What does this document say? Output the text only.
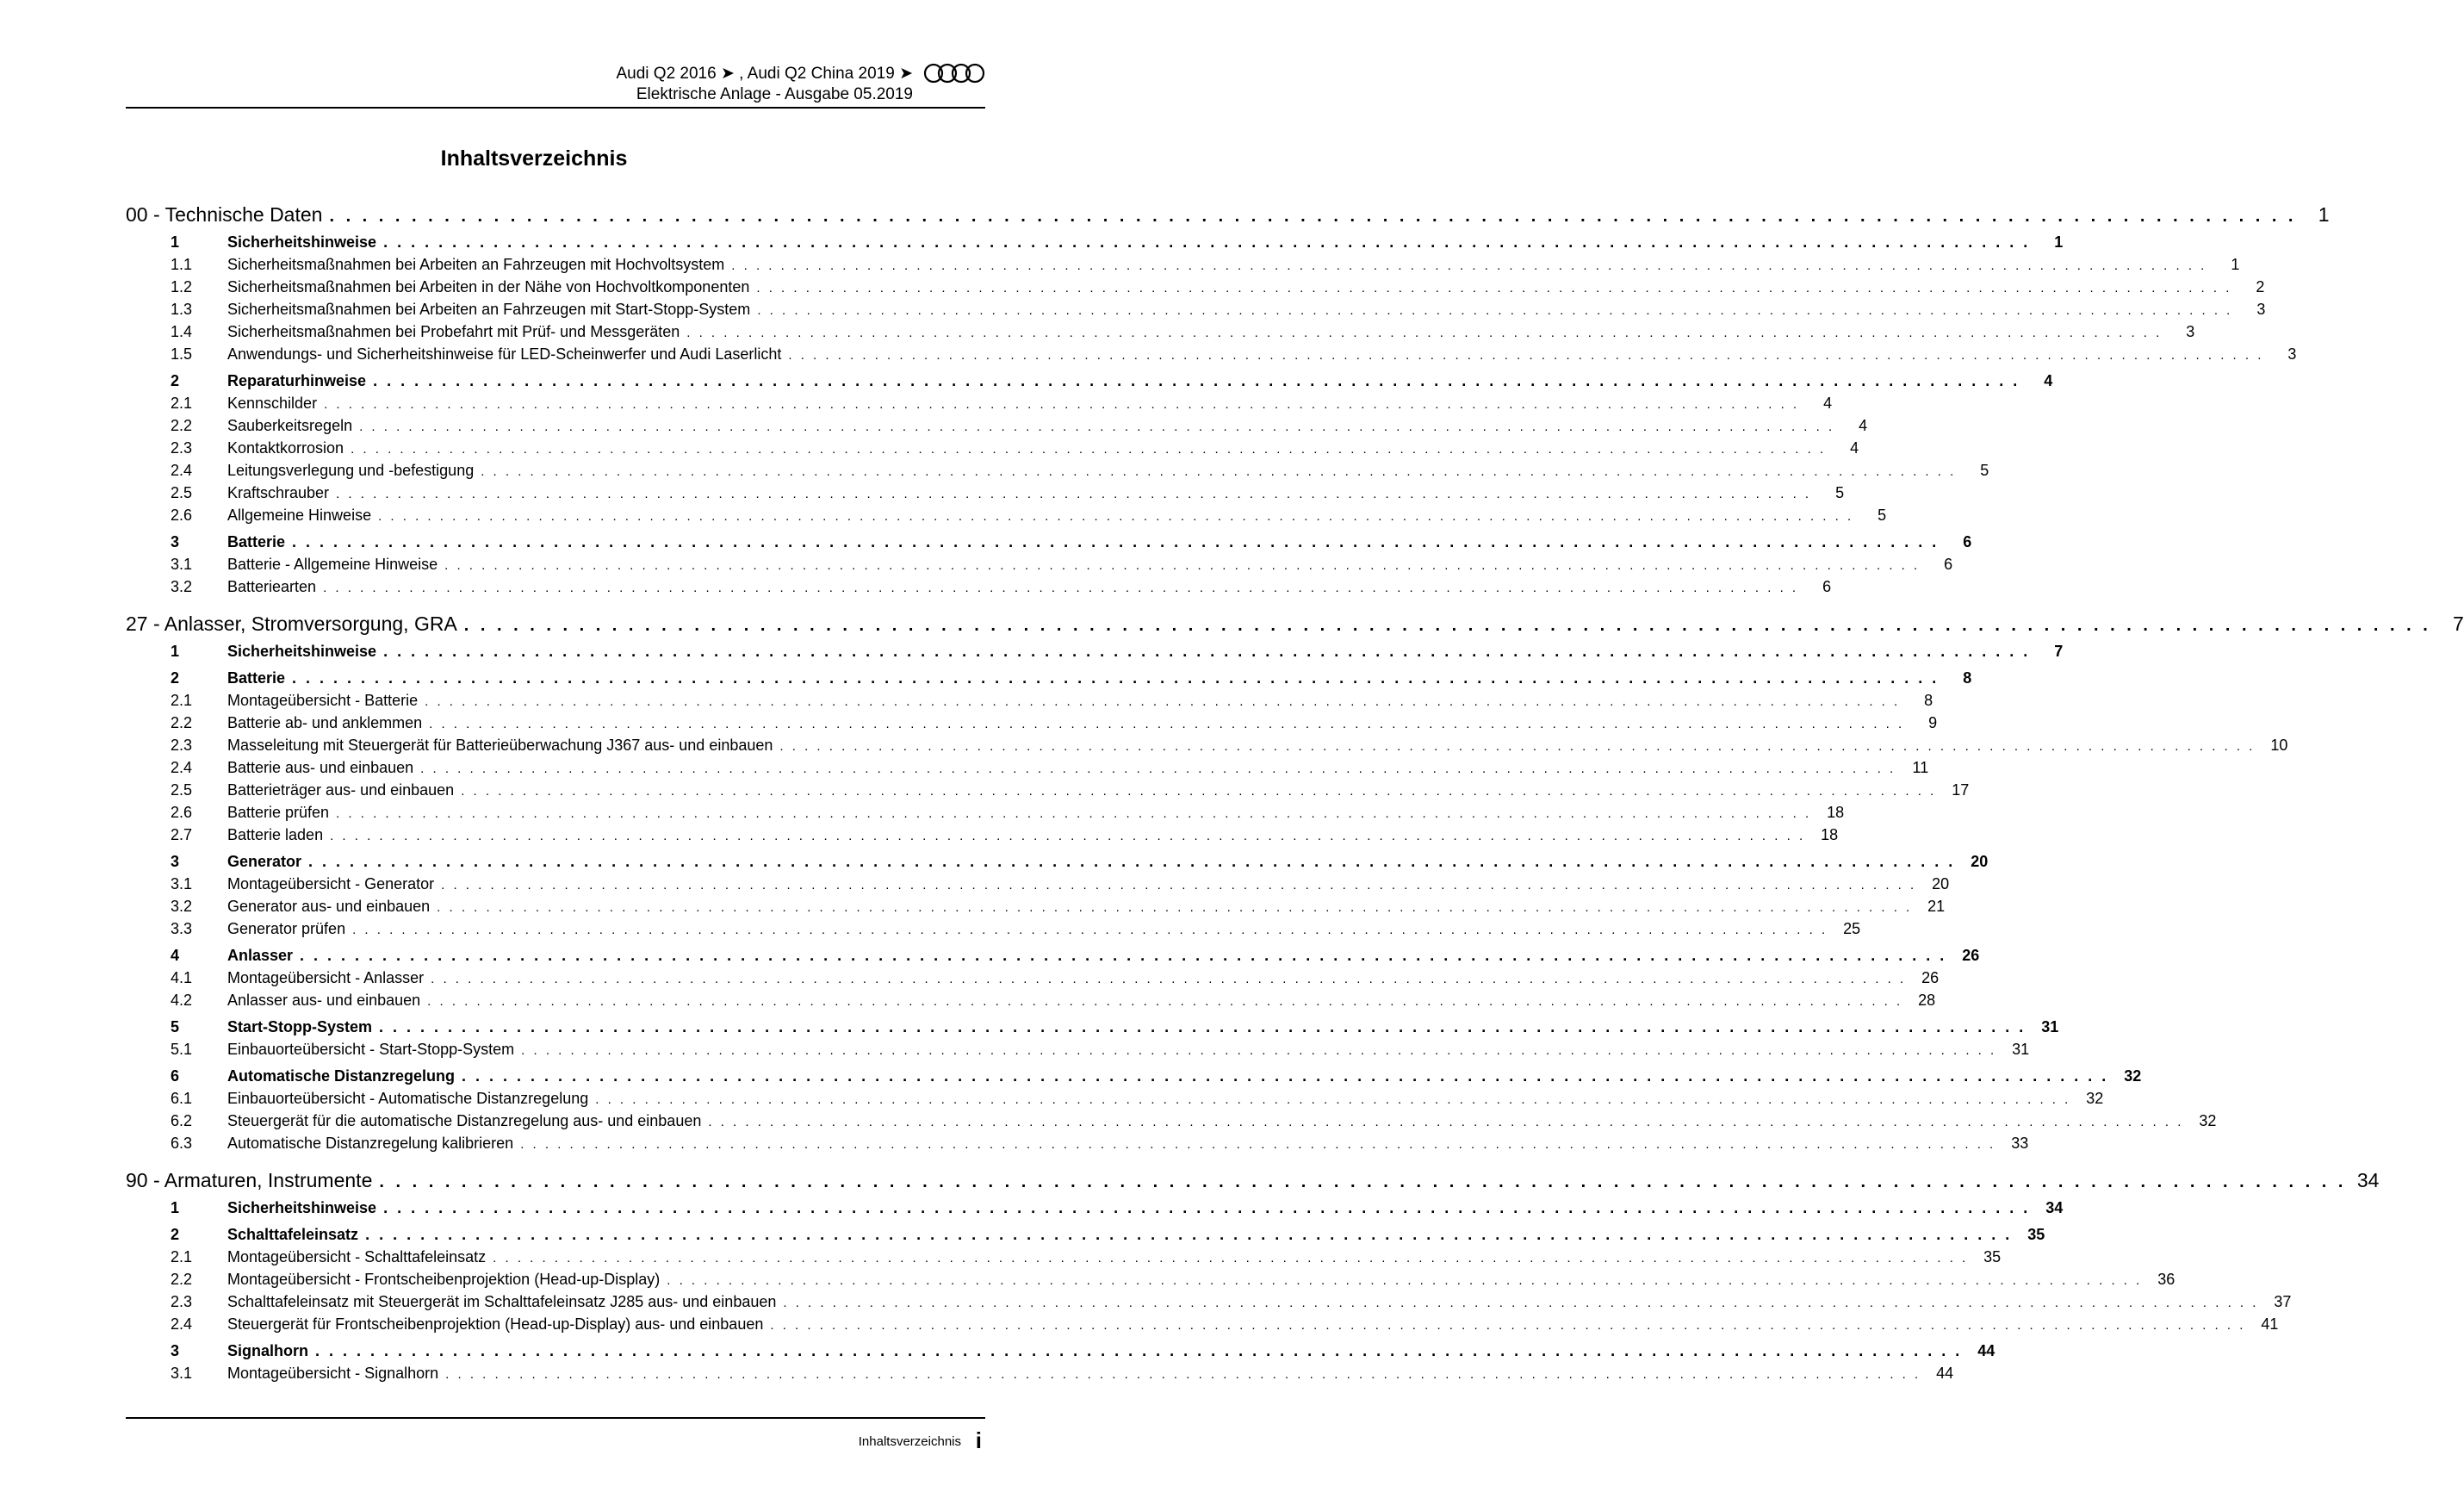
Audi Q2 2016 ➤ , Audi Q2 China 2019 ➤
Elektrische Anlage - Ausgabe 05.2019
Inhaltsverzeichnis
00 - Technische Daten . . . . . . . . . . . . . . . . . . . . . . . . . . . . . . . . . . . . . . . . . . . . . . . . . . . . . . . . . . . . . . . . . . . . . . . . . . . . . . . . . . . . . . . . . . . . . . . . . . . . . . . . . . . . . . . . . . . . . . . .	1
1	Sicherheitshinweise . . . . . . . . . . . . . . . . . . . . . . . . . . . . . . . . . . . . . . . . . . . . . . . . . . . . . . . . . . . . . . . . . . . . . . . . . . . . . . . . . . . . . . . . . . . . . . . . . . . . . . . . . . . . . . . . . . . . . . . .	1
1.1	Sicherheitsmaßnahmen bei Arbeiten an Fahrzeugen mit Hochvoltsystem . . . . . . . . . . . . . . . . . . . . . . . . . . . . . . . . . . . . . . . . . . . . . . . . . . . . . . . . . . . . . . . . . . . . . . . . . . . . . . . . . . . . . . . . . . . . . . . . . . . . . . . . . . . . . . . . . . . . . . . .	1
1.2	Sicherheitsmaßnahmen bei Arbeiten in der Nähe von Hochvoltkomponenten . . . . . . . . . . . . . . . . . . . . . . . . . . . . . . . . . . . . . . . . . . . . . . . . . . . . . . . . . . . . . . . . . . . . . . . . . . . . . . . . . . . . . . . . . . . . . . . . . . . . . . . . . . . . . . . . . . . . . . . .	2
1.3	Sicherheitsmaßnahmen bei Arbeiten an Fahrzeugen mit Start-Stopp-System . . . . . . . . . . . . . . . . . . . . . . . . . . . . . . . . . . . . . . . . . . . . . . . . . . . . . . . . . . . . . . . . . . . . . . . . . . . . . . . . . . . . . . . . . . . . . . . . . . . . . . . . . . . . . . . . . . . . . . . .	3
1.4	Sicherheitsmaßnahmen bei Probefahrt mit Prüf- und Messgeräten . . . . . . . . . . . . . . . . . . . . . . . . . . . . . . . . . . . . . . . . . . . . . . . . . . . . . . . . . . . . . . . . . . . . . . . . . . . . . . . . . . . . . . . . . . . . . . . . . . . . . . . . . . . . . . . . . . . . . . . .	3
1.5	Anwendungs- und Sicherheitshinweise für LED-Scheinwerfer und Audi Laserlicht . . . . . . . . . . . . . . . . . . . . . . . . . . . . . . . . . . . . . . . . . . . . . . . . . . . . . . . . . . . . . . . . . . . . . . . . . . . . . . . . . . . . . . . . . . . . . . . . . . . . . . . . . . . . . . . . . . . . . . . .	3
2	Reparaturhinweise . . . . . . . . . . . . . . . . . . . . . . . . . . . . . . . . . . . . . . . . . . . . . . . . . . . . . . . . . . . . . . . . . . . . . . . . . . . . . . . . . . . . . . . . . . . . . . . . . . . . . . . . . . . . . . . . . . . . . . . .	4
2.1	Kennschilder . . . . . . . . . . . . . . . . . . . . . . . . . . . . . . . . . . . . . . . . . . . . . . . . . . . . . . . . . . . . . . . . . . . . . . . . . . . . . . . . . . . . . . . . . . . . . . . . . . . . . . . . . . . . . . . . . . . . . . . .	4
2.2	Sauberkeitsregeln . . . . . . . . . . . . . . . . . . . . . . . . . . . . . . . . . . . . . . . . . . . . . . . . . . . . . . . . . . . . . . . . . . . . . . . . . . . . . . . . . . . . . . . . . . . . . . . . . . . . . . . . . . . . . . . . . . . . . . . .	4
2.3	Kontaktkorrosion . . . . . . . . . . . . . . . . . . . . . . . . . . . . . . . . . . . . . . . . . . . . . . . . . . . . . . . . . . . . . . . . . . . . . . . . . . . . . . . . . . . . . . . . . . . . . . . . . . . . . . . . . . . . . . . . . . . . . . . .	4
2.4	Leitungsverlegung und -befestigung . . . . . . . . . . . . . . . . . . . . . . . . . . . . . . . . . . . . . . . . . . . . . . . . . . . . . . . . . . . . . . . . . . . . . . . . . . . . . . . . . . . . . . . . . . . . . . . . . . . . . . . . . . . . . . . . . . . . . . . .	5
2.5	Kraftschrauber . . . . . . . . . . . . . . . . . . . . . . . . . . . . . . . . . . . . . . . . . . . . . . . . . . . . . . . . . . . . . . . . . . . . . . . . . . . . . . . . . . . . . . . . . . . . . . . . . . . . . . . . . . . . . . . . . . . . . . . .	5
2.6	Allgemeine Hinweise . . . . . . . . . . . . . . . . . . . . . . . . . . . . . . . . . . . . . . . . . . . . . . . . . . . . . . . . . . . . . . . . . . . . . . . . . . . . . . . . . . . . . . . . . . . . . . . . . . . . . . . . . . . . . . . . . . . . . . . .	5
3	Batterie . . . . . . . . . . . . . . . . . . . . . . . . . . . . . . . . . . . . . . . . . . . . . . . . . . . . . . . . . . . . . . . . . . . . . . . . . . . . . . . . . . . . . . . . . . . . . . . . . . . . . . . . . . . . . . . . . . . . . . . .	6
3.1	Batterie - Allgemeine Hinweise . . . . . . . . . . . . . . . . . . . . . . . . . . . . . . . . . . . . . . . . . . . . . . . . . . . . . . . . . . . . . . . . . . . . . . . . . . . . . . . . . . . . . . . . . . . . . . . . . . . . . . . . . . . . . . . . . . . . . . . .	6
3.2	Batteriearten . . . . . . . . . . . . . . . . . . . . . . . . . . . . . . . . . . . . . . . . . . . . . . . . . . . . . . . . . . . . . . . . . . . . . . . . . . . . . . . . . . . . . . . . . . . . . . . . . . . . . . . . . . . . . . . . . . . . . . . .	6
27 - Anlasser, Stromversorgung, GRA . . . . . . . . . . . . . . . . . . . . . . . . . . . . . . . . . . . . . . . . . . . . . . . . . . . . . . . . . . . . . . . . . . . . . . . . . . . . . . . . . . . . . . . . . . . . . . . . . . . . . . . . . . . . . . . . . . . . . . . .	7
1	Sicherheitshinweise . . . . . . . . . . . . . . . . . . . . . . . . . . . . . . . . . . . . . . . . . . . . . . . . . . . . . . . . . . . . . . . . . . . . . . . . . . . . . . . . . . . . . . . . . . . . . . . . . . . . . . . . . . . . . . . . . . . . . . . .	7
2	Batterie . . . . . . . . . . . . . . . . . . . . . . . . . . . . . . . . . . . . . . . . . . . . . . . . . . . . . . . . . . . . . . . . . . . . . . . . . . . . . . . . . . . . . . . . . . . . . . . . . . . . . . . . . . . . . . . . . . . . . . . .	8
2.1	Montageübersicht - Batterie . . . . . . . . . . . . . . . . . . . . . . . . . . . . . . . . . . . . . . . . . . . . . . . . . . . . . . . . . . . . . . . . . . . . . . . . . . . . . . . . . . . . . . . . . . . . . . . . . . . . . . . . . . . . . . . . . . . . . . . .	8
2.2	Batterie ab- und anklemmen . . . . . . . . . . . . . . . . . . . . . . . . . . . . . . . . . . . . . . . . . . . . . . . . . . . . . . . . . . . . . . . . . . . . . . . . . . . . . . . . . . . . . . . . . . . . . . . . . . . . . . . . . . . . . . . . . . . . . . . .	9
2.3	Masseleitung mit Steuergerät für Batterieüberwachung J367 aus- und einbauen . . . . . . . . . . . . . . . . . . . . . . . . . . . . . . . . . . . . . . . . . . . . . . . . . . . . . . . . . . . . . . . . . . . . . . . . . . . . . . . . . . . . . . . . . . . . . . . . . . . . . . . . . . . . . . . . . . . . . . . . 10
2.4	Batterie aus- und einbauen . . . . . . . . . . . . . . . . . . . . . . . . . . . . . . . . . . . . . . . . . . . . . . . . . . . . . . . . . . . . . . . . . . . . . . . . . . . . . . . . . . . . . . . . . . . . . . . . . . . . . . . . . . . . . . . . . . . . . . . .	11
2.5	Batterieträger aus- und einbauen . . . . . . . . . . . . . . . . . . . . . . . . . . . . . . . . . . . . . . . . . . . . . . . . . . . . . . . . . . . . . . . . . . . . . . . . . . . . . . . . . . . . . . . . . . . . . . . . . . . . . . . . . . . . . . . . . . . . . . . . 17
2.6	Batterie prüfen . . . . . . . . . . . . . . . . . . . . . . . . . . . . . . . . . . . . . . . . . . . . . . . . . . . . . . . . . . . . . . . . . . . . . . . . . . . . . . . . . . . . . . . . . . . . . . . . . . . . . . . . . . . . . . . . . . . . . . . . 18
2.7	Batterie laden . . . . . . . . . . . . . . . . . . . . . . . . . . . . . . . . . . . . . . . . . . . . . . . . . . . . . . . . . . . . . . . . . . . . . . . . . . . . . . . . . . . . . . . . . . . . . . . . . . . . . . . . . . . . . . . . . . . . . . . . 18
3	Generator . . . . . . . . . . . . . . . . . . . . . . . . . . . . . . . . . . . . . . . . . . . . . . . . . . . . . . . . . . . . . . . . . . . . . . . . . . . . . . . . . . . . . . . . . . . . . . . . . . . . . . . . . . . . . . . . . . . . . . . . 20
3.1	Montageübersicht - Generator . . . . . . . . . . . . . . . . . . . . . . . . . . . . . . . . . . . . . . . . . . . . . . . . . . . . . . . . . . . . . . . . . . . . . . . . . . . . . . . . . . . . . . . . . . . . . . . . . . . . . . . . . . . . . . . . . . . . . . . . 20
3.2	Generator aus- und einbauen . . . . . . . . . . . . . . . . . . . . . . . . . . . . . . . . . . . . . . . . . . . . . . . . . . . . . . . . . . . . . . . . . . . . . . . . . . . . . . . . . . . . . . . . . . . . . . . . . . . . . . . . . . . . . . . . . . . . . . . . 21
3.3	Generator prüfen . . . . . . . . . . . . . . . . . . . . . . . . . . . . . . . . . . . . . . . . . . . . . . . . . . . . . . . . . . . . . . . . . . . . . . . . . . . . . . . . . . . . . . . . . . . . . . . . . . . . . . . . . . . . . . . . . . . . . . . . 25
4	Anlasser . . . . . . . . . . . . . . . . . . . . . . . . . . . . . . . . . . . . . . . . . . . . . . . . . . . . . . . . . . . . . . . . . . . . . . . . . . . . . . . . . . . . . . . . . . . . . . . . . . . . . . . . . . . . . . . . . . . . . . . . 26
4.1	Montageübersicht - Anlasser . . . . . . . . . . . . . . . . . . . . . . . . . . . . . . . . . . . . . . . . . . . . . . . . . . . . . . . . . . . . . . . . . . . . . . . . . . . . . . . . . . . . . . . . . . . . . . . . . . . . . . . . . . . . . . . . . . . . . . . . 26
4.2	Anlasser aus- und einbauen . . . . . . . . . . . . . . . . . . . . . . . . . . . . . . . . . . . . . . . . . . . . . . . . . . . . . . . . . . . . . . . . . . . . . . . . . . . . . . . . . . . . . . . . . . . . . . . . . . . . . . . . . . . . . . . . . . . . . . . . 28
5	Start-Stopp-System . . . . . . . . . . . . . . . . . . . . . . . . . . . . . . . . . . . . . . . . . . . . . . . . . . . . . . . . . . . . . . . . . . . . . . . . . . . . . . . . . . . . . . . . . . . . . . . . . . . . . . . . . . . . . . . . . . . . . . . . 31
5.1	Einbauorteübersicht - Start-Stopp-System . . . . . . . . . . . . . . . . . . . . . . . . . . . . . . . . . . . . . . . . . . . . . . . . . . . . . . . . . . . . . . . . . . . . . . . . . . . . . . . . . . . . . . . . . . . . . . . . . . . . . . . . . . . . . . . . . . . . . . . . 31
6	Automatische Distanzregelung . . . . . . . . . . . . . . . . . . . . . . . . . . . . . . . . . . . . . . . . . . . . . . . . . . . . . . . . . . . . . . . . . . . . . . . . . . . . . . . . . . . . . . . . . . . . . . . . . . . . . . . . . . . . . . . . . . . . . . . . 32
6.1	Einbauorteübersicht - Automatische Distanzregelung . . . . . . . . . . . . . . . . . . . . . . . . . . . . . . . . . . . . . . . . . . . . . . . . . . . . . . . . . . . . . . . . . . . . . . . . . . . . . . . . . . . . . . . . . . . . . . . . . . . . . . . . . . . . . . . . . . . . . . . . 32
6.2	Steuergerät für die automatische Distanzregelung aus- und einbauen . . . . . . . . . . . . . . . . . . . . . . . . . . . . . . . . . . . . . . . . . . . . . . . . . . . . . . . . . . . . . . . . . . . . . . . . . . . . . . . . . . . . . . . . . . . . . . . . . . . . . . . . . . . . . . . . . . . . . . . . 32
6.3	Automatische Distanzregelung kalibrieren . . . . . . . . . . . . . . . . . . . . . . . . . . . . . . . . . . . . . . . . . . . . . . . . . . . . . . . . . . . . . . . . . . . . . . . . . . . . . . . . . . . . . . . . . . . . . . . . . . . . . . . . . . . . . . . . . . . . . . . . 33
90 - Armaturen, Instrumente . . . . . . . . . . . . . . . . . . . . . . . . . . . . . . . . . . . . . . . . . . . . . . . . . . . . . . . . . . . . . . . . . . . . . . . . . . . . . . . . . . . . . . . . . . . . . . . . . . . . . . . . . . . . . . . . . . . . . . . . 34
1	Sicherheitshinweise . . . . . . . . . . . . . . . . . . . . . . . . . . . . . . . . . . . . . . . . . . . . . . . . . . . . . . . . . . . . . . . . . . . . . . . . . . . . . . . . . . . . . . . . . . . . . . . . . . . . . . . . . . . . . . . . . . . . . . . . 34
2	Schalttafeleinsatz . . . . . . . . . . . . . . . . . . . . . . . . . . . . . . . . . . . . . . . . . . . . . . . . . . . . . . . . . . . . . . . . . . . . . . . . . . . . . . . . . . . . . . . . . . . . . . . . . . . . . . . . . . . . . . . . . . . . . . . . 35
2.1	Montageübersicht - Schalttafeleinsatz . . . . . . . . . . . . . . . . . . . . . . . . . . . . . . . . . . . . . . . . . . . . . . . . . . . . . . . . . . . . . . . . . . . . . . . . . . . . . . . . . . . . . . . . . . . . . . . . . . . . . . . . . . . . . . . . . . . . . . . . 35
2.2	Montageübersicht - Frontscheibenprojektion (Head-up-Display) . . . . . . . . . . . . . . . . . . . . . . . . . . . . . . . . . . . . . . . . . . . . . . . . . . . . . . . . . . . . . . . . . . . . . . . . . . . . . . . . . . . . . . . . . . . . . . . . . . . . . . . . . . . . . . . . . . . . . . . . 36
2.3	Schalttafeleinsatz mit Steuergerät im Schalttafeleinsatz J285 aus- und einbauen . . . . . . . . . . . . . . . . . . . . . . . . . . . . . . . . . . . . . . . . . . . . . . . . . . . . . . . . . . . . . . . . . . . . . . . . . . . . . . . . . . . . . . . . . . . . . . . . . . . . . . . . . . . . . . . . . . . . . . . . 37
2.4	Steuergerät für Frontscheibenprojektion (Head-up-Display) aus- und einbauen . . . . . . . . . . . . . . . . . . . . . . . . . . . . . . . . . . . . . . . . . . . . . . . . . . . . . . . . . . . . . . . . . . . . . . . . . . . . . . . . . . . . . . . . . . . . . . . . . . . . . . . . . . . . . . . . . . . . . . . . 41
3	Signalhorn . . . . . . . . . . . . . . . . . . . . . . . . . . . . . . . . . . . . . . . . . . . . . . . . . . . . . . . . . . . . . . . . . . . . . . . . . . . . . . . . . . . . . . . . . . . . . . . . . . . . . . . . . . . . . . . . . . . . . . . . 44
3.1	Montageübersicht - Signalhorn . . . . . . . . . . . . . . . . . . . . . . . . . . . . . . . . . . . . . . . . . . . . . . . . . . . . . . . . . . . . . . . . . . . . . . . . . . . . . . . . . . . . . . . . . . . . . . . . . . . . . . . . . . . . . . . . . . . . . . . . 44
Inhaltsverzeichnis i
